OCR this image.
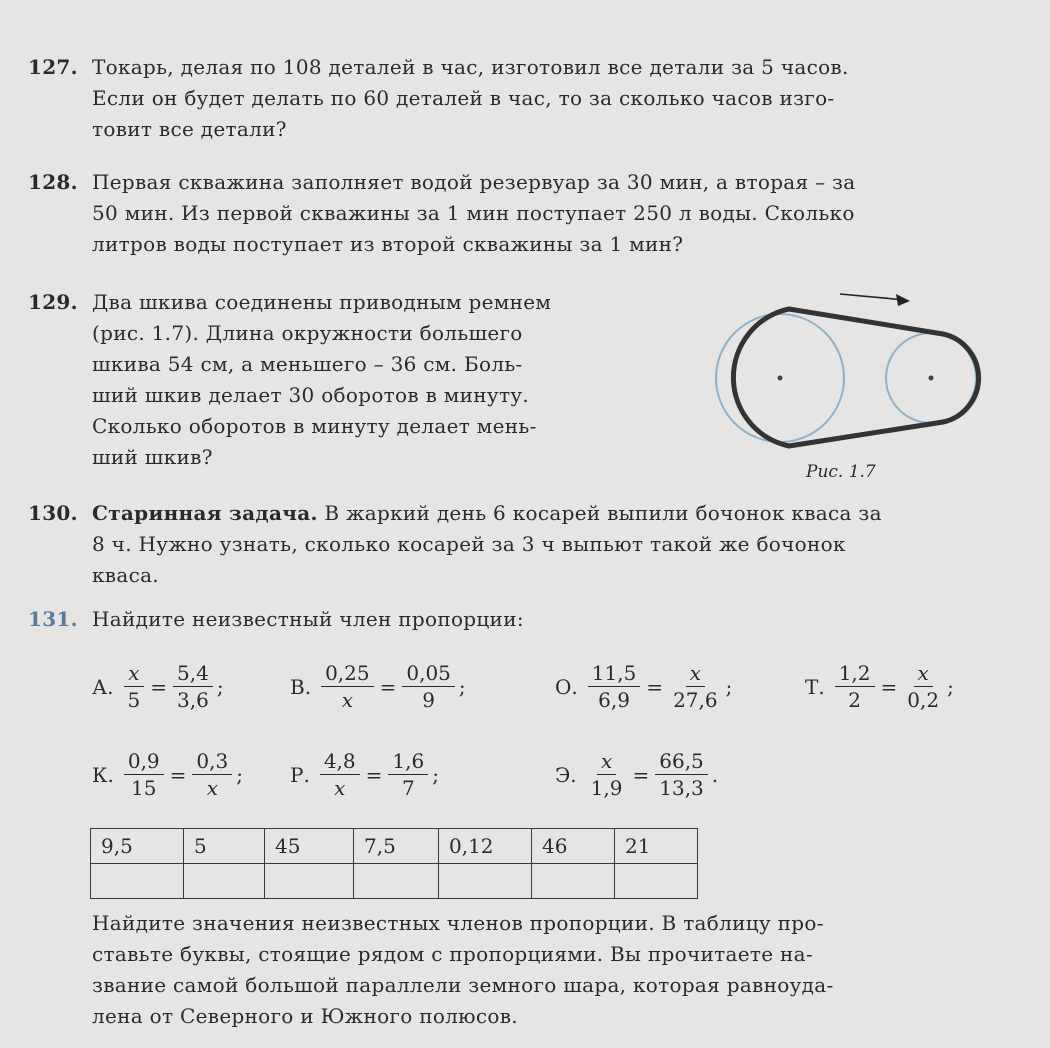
127. Токарь, делая по 108 деталей в час, изготовил все детали за 5 часов.
Если он будет делать по 60 деталей в час, то за сколько часов изго-
товит все детали?
128. Первая скважина заполняет водой резервуар за 30 мин, а вторая – за
50 мин. Из первой скважины за 1 мин поступает 250 л воды. Сколько
литров воды поступает из второй скважины за 1 мин?
129. Два шкива соединены приводным ремнем
(рис. 1.7). Длина окружности большего
шкива 54 см, а меньшего – 36 см. Боль-
ший шкив делает 30 оборотов в минуту.
Сколько оборотов в минуту делает мень-
ший шкив?
Рис. 1.7
130. Старинная задача. В жаркий день 6 косарей выпили бочонок кваса за
8 ч. Нужно узнать, сколько косарей за 3 ч выпьют такой же бочонок
кваса.
131. Найдите неизвестный член пропорции:
А. $\frac{x}{5} = \frac{5,4}{3,6}$ ;	В. $\frac{0,25}{x} = \frac{0,05}{9}$ ;	О. $\frac{11,5}{6,9} = \frac{x}{27,6}$ ;	Т. $\frac{1,2}{2} = \frac{x}{0,2}$ ;
К. $\frac{0,9}{15} = \frac{0,3}{x}$ ; Р. $\frac{4,8}{x} = \frac{1,6}{7}$ ;	Э. $\frac{x}{1,9} = \frac{66,5}{13,3}$ .
9,5	5	45	7,5	0,12	46	21

Найдите значения неизвестных членов пропорции. В таблицу про-
ставьте буквы, стоящие рядом с пропорциями. Вы прочитаете на-
звание самой большой параллели земного шара, которая равноуда-
лена от Северного и Южного полюсов.
